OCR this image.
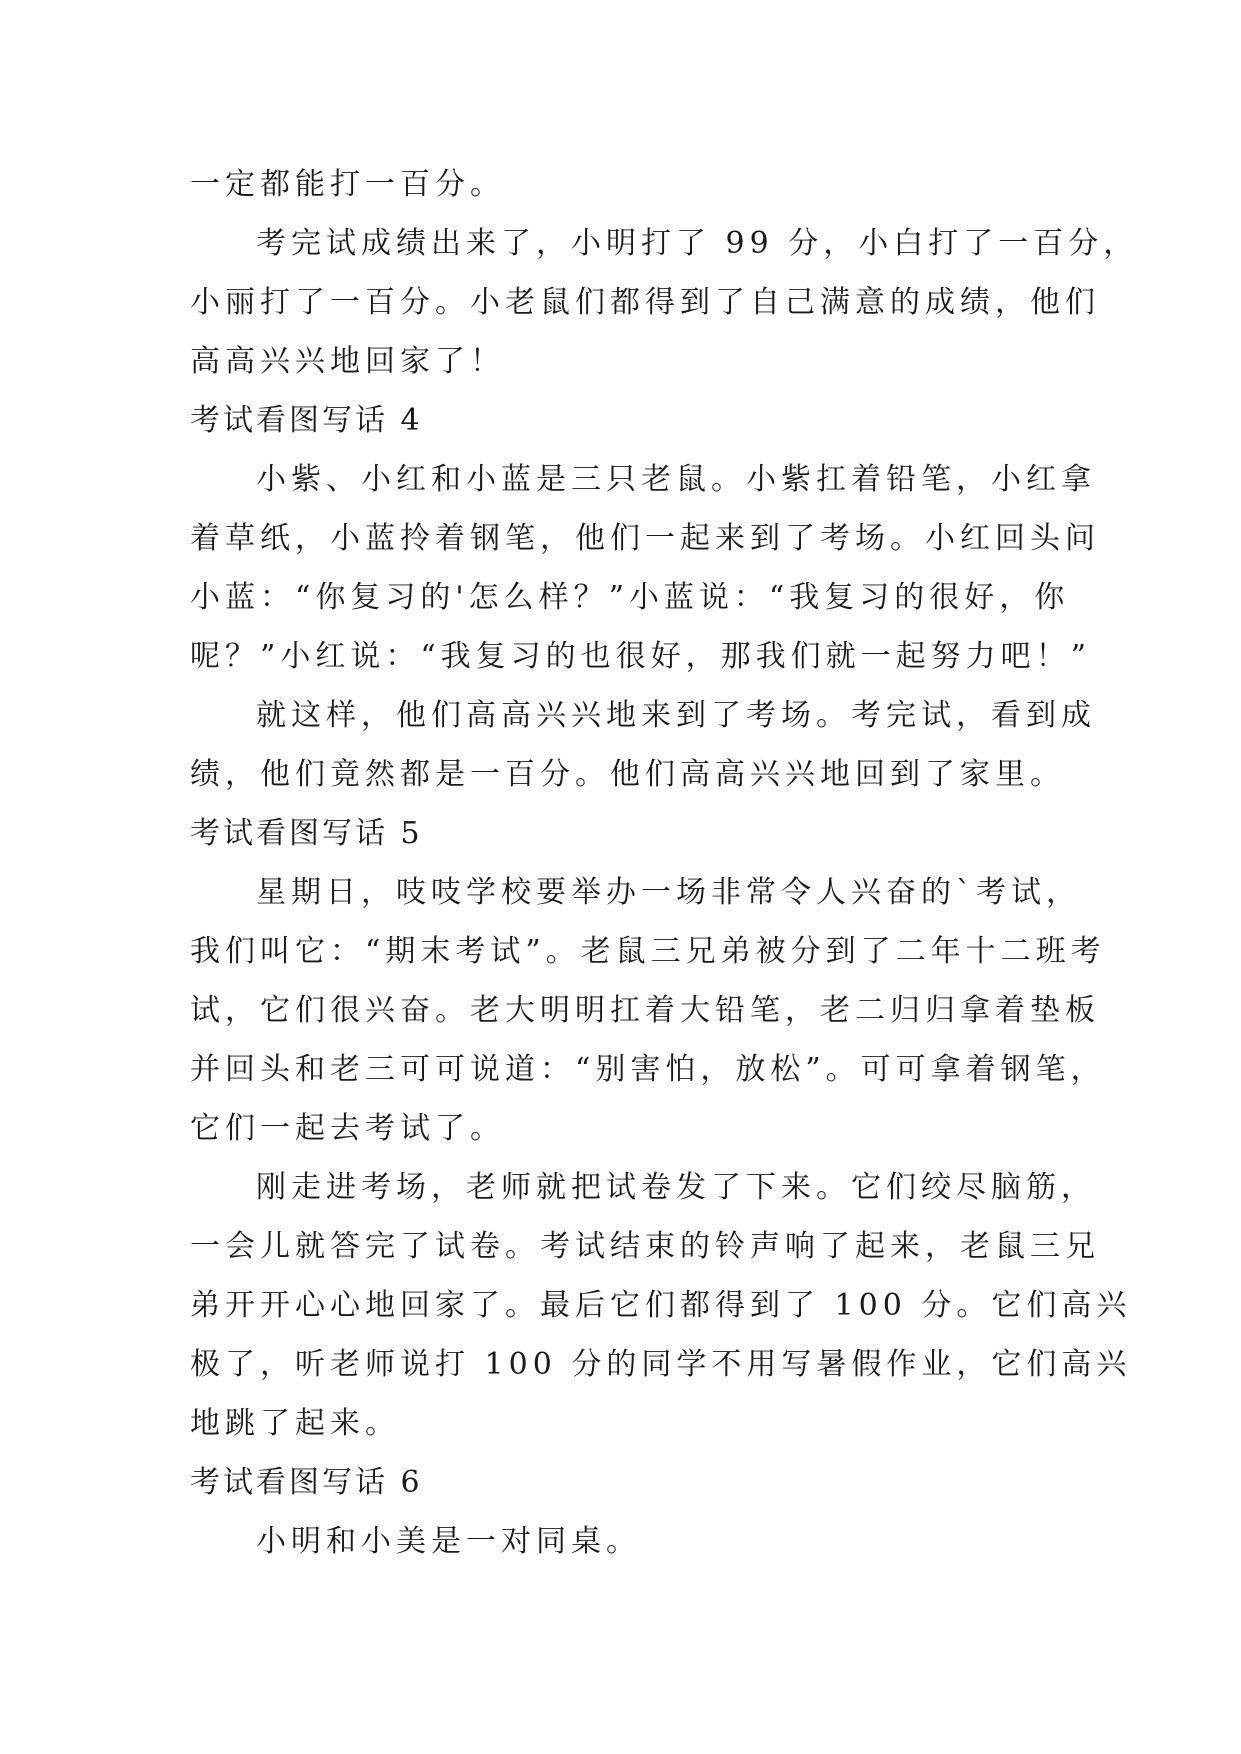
一定都能打一百分。
考完试成绩出来了，小明打了 99 分，小白打了一百分，
小丽打了一百分。小老鼠们都得到了自己满意的成绩，他们
高高兴兴地回家了！
考试看图写话 4
小紫、小红和小蓝是三只老鼠。小紫扛着铅笔，小红拿
着草纸，小蓝拎着钢笔，他们一起来到了考场。小红回头问
小蓝：“你复习的'怎么样？”小蓝说：“我复习的很好，你
呢？”小红说：“我复习的也很好，那我们就一起努力吧！”
就这样，他们高高兴兴地来到了考场。考完试，看到成
绩，他们竟然都是一百分。他们高高兴兴地回到了家里。
考试看图写话 5
星期日，吱吱学校要举办一场非常令人兴奋的`考试，
我们叫它：“期末考试”。老鼠三兄弟被分到了二年十二班考
试，它们很兴奋。老大明明扛着大铅笔，老二归归拿着垫板
并回头和老三可可说道：“别害怕，放松”。可可拿着钢笔，
它们一起去考试了。
刚走进考场，老师就把试卷发了下来。它们绞尽脑筋，
一会儿就答完了试卷。考试结束的铃声响了起来，老鼠三兄
弟开开心心地回家了。最后它们都得到了 100 分。它们高兴
极了，听老师说打 100 分的同学不用写暑假作业，它们高兴
地跳了起来。
考试看图写话 6
小明和小美是一对同桌。
